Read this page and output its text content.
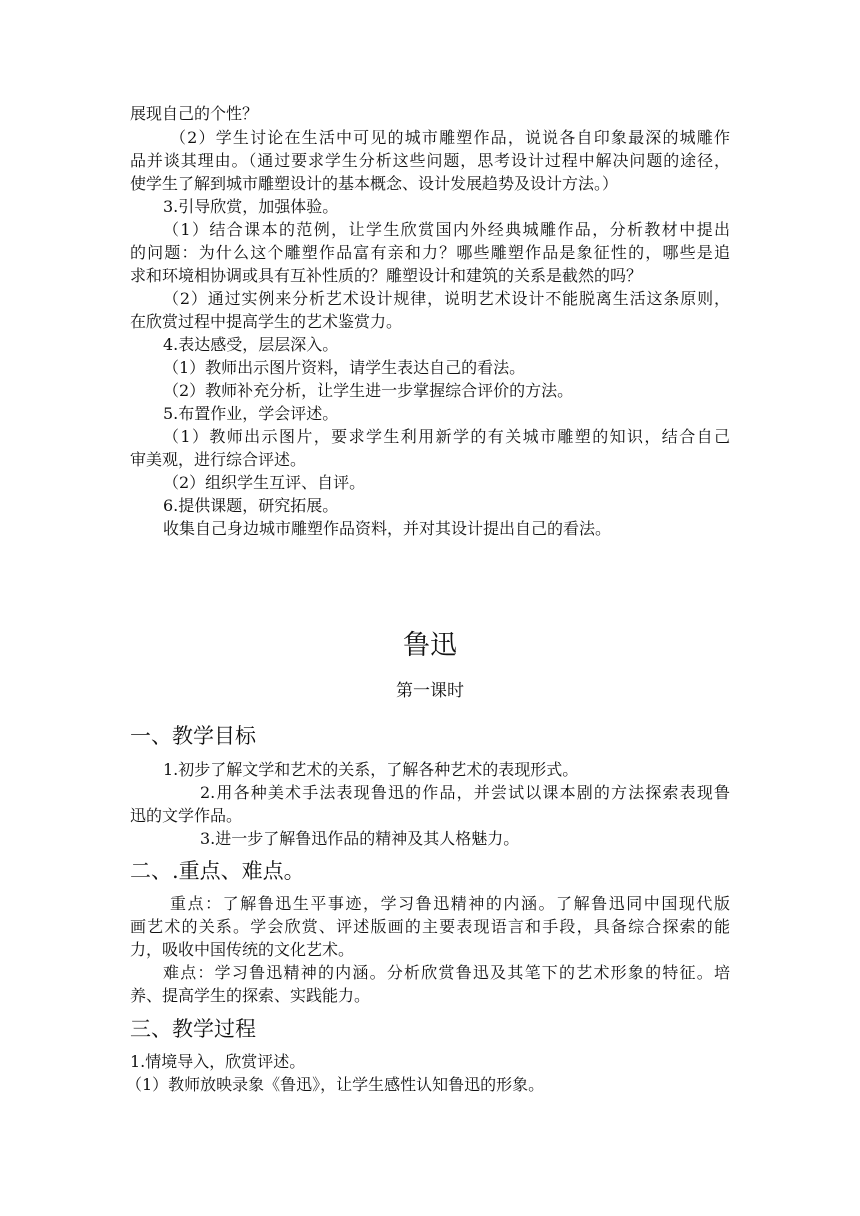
展现自己的个性？
（2）学生讨论在生活中可见的城市雕塑作品，说说各自印象最深的城雕作
品并谈其理由。（通过要求学生分析这些问题，思考设计过程中解决问题的途径，
使学生了解到城市雕塑设计的基本概念、设计发展趋势及设计方法。）
3.引导欣赏，加强体验。
（1）结合课本的范例，让学生欣赏国内外经典城雕作品，分析教材中提出
的问题：为什么这个雕塑作品富有亲和力？哪些雕塑作品是象征性的，哪些是追
求和环境相协调或具有互补性质的？雕塑设计和建筑的关系是截然的吗？
（2）通过实例来分析艺术设计规律，说明艺术设计不能脱离生活这条原则，
在欣赏过程中提高学生的艺术鉴赏力。
4.表达感受，层层深入。
（1）教师出示图片资料，请学生表达自己的看法。
（2）教师补充分析，让学生进一步掌握综合评价的方法。
5.布置作业，学会评述。
（1）教师出示图片，要求学生利用新学的有关城市雕塑的知识，结合自己
审美观，进行综合评述。
（2）组织学生互评、自评。
6.提供课题，研究拓展。
收集自己身边城市雕塑作品资料，并对其设计提出自己的看法。
鲁迅
第一课时
一、教学目标
1.初步了解文学和艺术的关系，了解各种艺术的表现形式。
2.用各种美术手法表现鲁迅的作品，并尝试以课本剧的方法探索表现鲁
迅的文学作品。
3.进一步了解鲁迅作品的精神及其人格魅力。
二、.重点、难点。
重点：了解鲁迅生平事迹，学习鲁迅精神的内涵。了解鲁迅同中国现代版
画艺术的关系。学会欣赏、评述版画的主要表现语言和手段，具备综合探索的能
力，吸收中国传统的文化艺术。
难点：学习鲁迅精神的内涵。分析欣赏鲁迅及其笔下的艺术形象的特征。培
养、提高学生的探索、实践能力。
三、教学过程
1.情境导入，欣赏评述。
（1）教师放映录象《鲁迅》，让学生感性认知鲁迅的形象。
